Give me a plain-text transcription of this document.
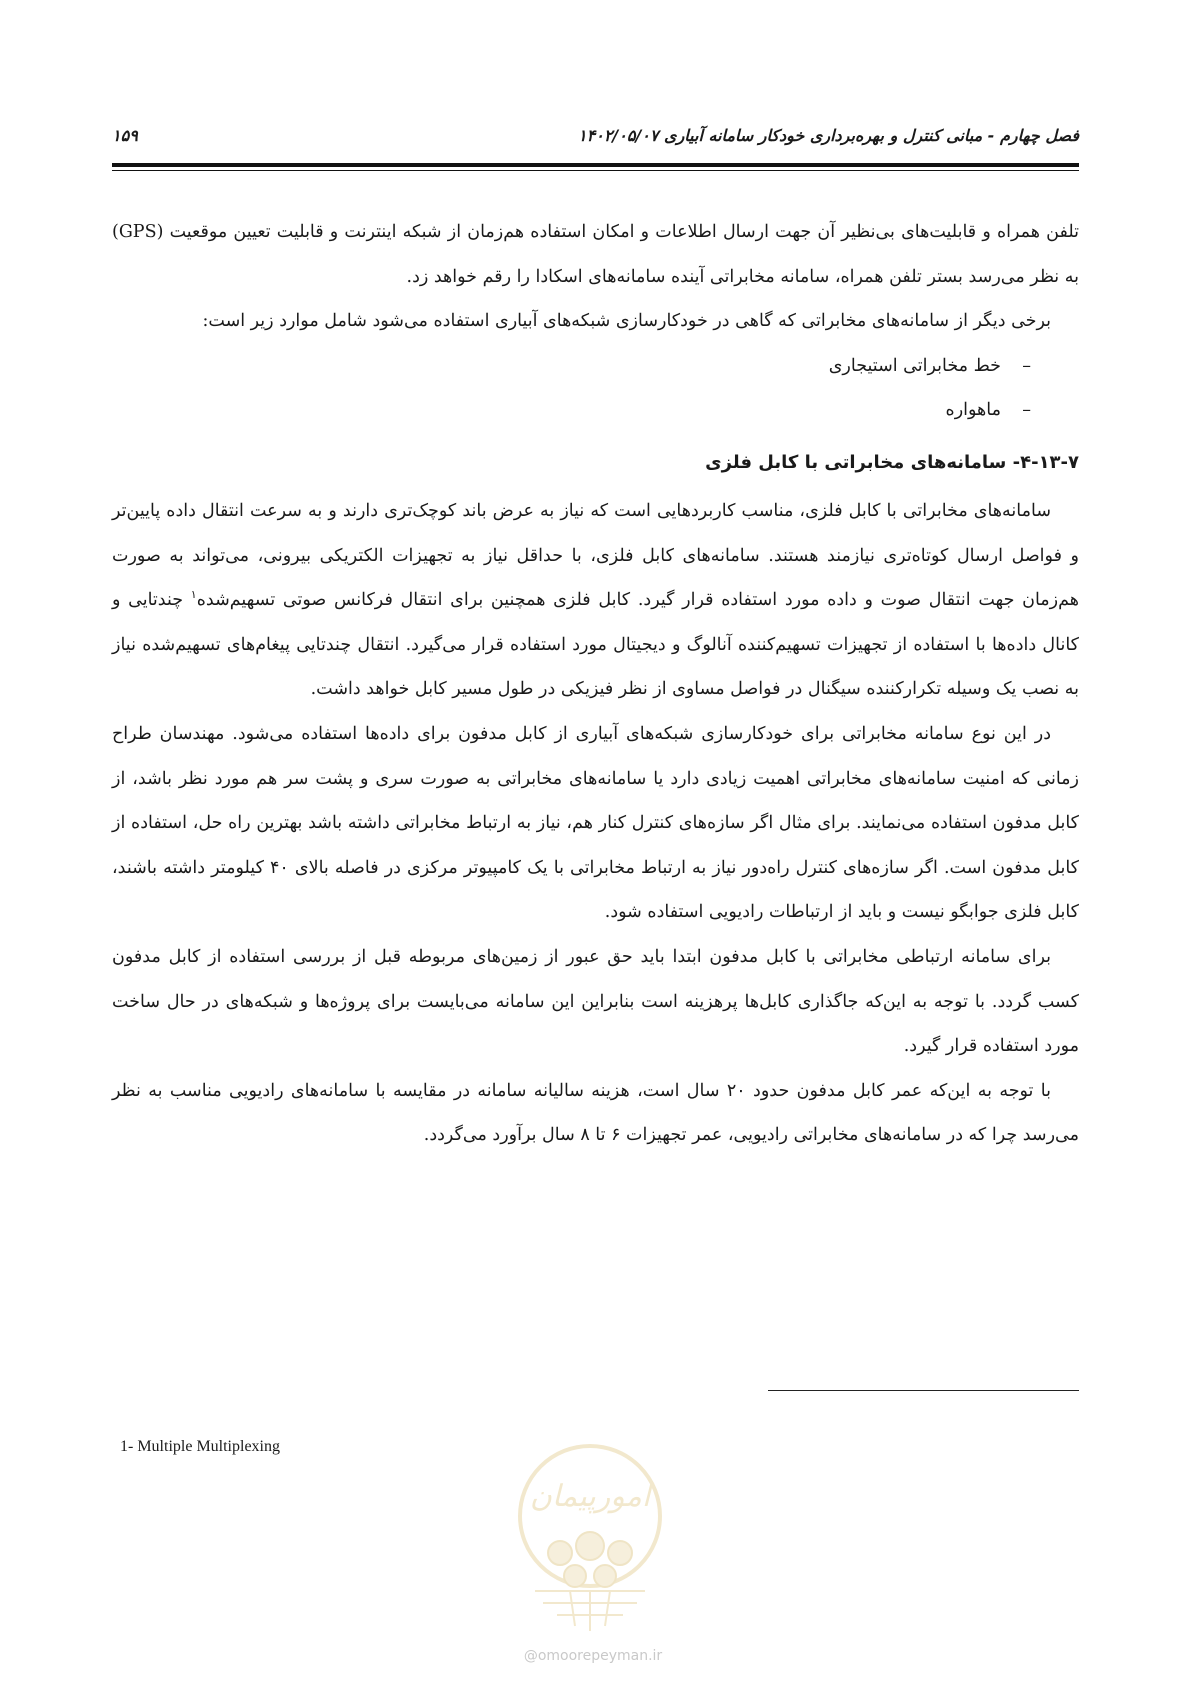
فصل چهارم - مبانی کنترل و بهره‌برداری خودکار سامانه آبیاری ۱۴۰۲/۰۵/۰۷
۱۵۹

تلفن همراه و قابلیت‌های بی‌نظیر آن جهت ارسال اطلاعات و امکان استفاده هم‌زمان از شبکه اینترنت و قابلیت تعیین موقعیت (GPS) به نظر می‌رسد بستر تلفن همراه، سامانه مخابراتی آینده سامانه‌های اسکادا را رقم خواهد زد.

برخی دیگر از سامانه‌های مخابراتی که گاهی در خودکارسازی شبکه‌های آبیاری استفاده می‌شود شامل موارد زیر است:

–خط مخابراتی استیجاری
–ماهواره
۴-۱۳-۷- سامانه‌های مخابراتی با کابل فلزی

سامانه‌های مخابراتی با کابل فلزی، مناسب کاربردهایی است که نیاز به عرض باند کوچک‌تری دارند و به سرعت انتقال داده پایین‌تر و فواصل ارسال کوتاه‌تری نیازمند هستند. سامانه‌های کابل فلزی، با حداقل نیاز به تجهیزات الکتریکی بیرونی، می‌تواند به صورت هم‌زمان جهت انتقال صوت و داده مورد استفاده قرار گیرد. کابل فلزی همچنین برای انتقال فرکانس صوتی تسهیم‌شده$^۱$ چندتایی و کانال داده‌ها با استفاده از تجهیزات تسهیم‌کننده آنالوگ و دیجیتال مورد استفاده قرار می‌گیرد. انتقال چندتایی پیغام‌های تسهیم‌شده نیاز به نصب یک وسیله تکرارکننده سیگنال در فواصل مساوی از نظر فیزیکی در طول مسیر کابل خواهد داشت.

در این نوع سامانه مخابراتی برای خودکارسازی شبکه‌های آبیاری از کابل مدفون برای داده‌ها استفاده می‌شود. مهندسان طراح زمانی که امنیت سامانه‌های مخابراتی اهمیت زیادی دارد یا سامانه‌های مخابراتی به صورت سری و پشت سر هم مورد نظر باشد، از کابل مدفون استفاده می‌نمایند. برای مثال اگر سازه‌های کنترل کنار هم، نیاز به ارتباط مخابراتی داشته باشد بهترین راه حل، استفاده از کابل مدفون است. اگر سازه‌های کنترل راه‌دور نیاز به ارتباط مخابراتی با یک کامپیوتر مرکزی در فاصله بالای ۴۰ کیلومتر داشته باشند، کابل فلزی جوابگو نیست و باید از ارتباطات رادیویی استفاده شود.

برای سامانه ارتباطی مخابراتی با کابل مدفون ابتدا باید حق عبور از زمین‌های مربوطه قبل از بررسی استفاده از کابل مدفون کسب گردد. با توجه به این‌که جاگذاری کابل‌ها پرهزینه است بنابراین این سامانه می‌بایست برای پروژه‌ها و شبکه‌های در حال ساخت مورد استفاده قرار گیرد.

با توجه به این‌که عمر کابل مدفون حدود ۲۰ سال است، هزینه سالیانه سامانه در مقایسه با سامانه‌های رادیویی مناسب به نظر می‌رسد چرا که در سامانه‌های مخابراتی رادیویی، عمر تجهیزات ۶ تا ۸ سال برآورد می‌گردد.

1- Multiple Multiplexing
امورپیمان
@omoorepeyman.ir
